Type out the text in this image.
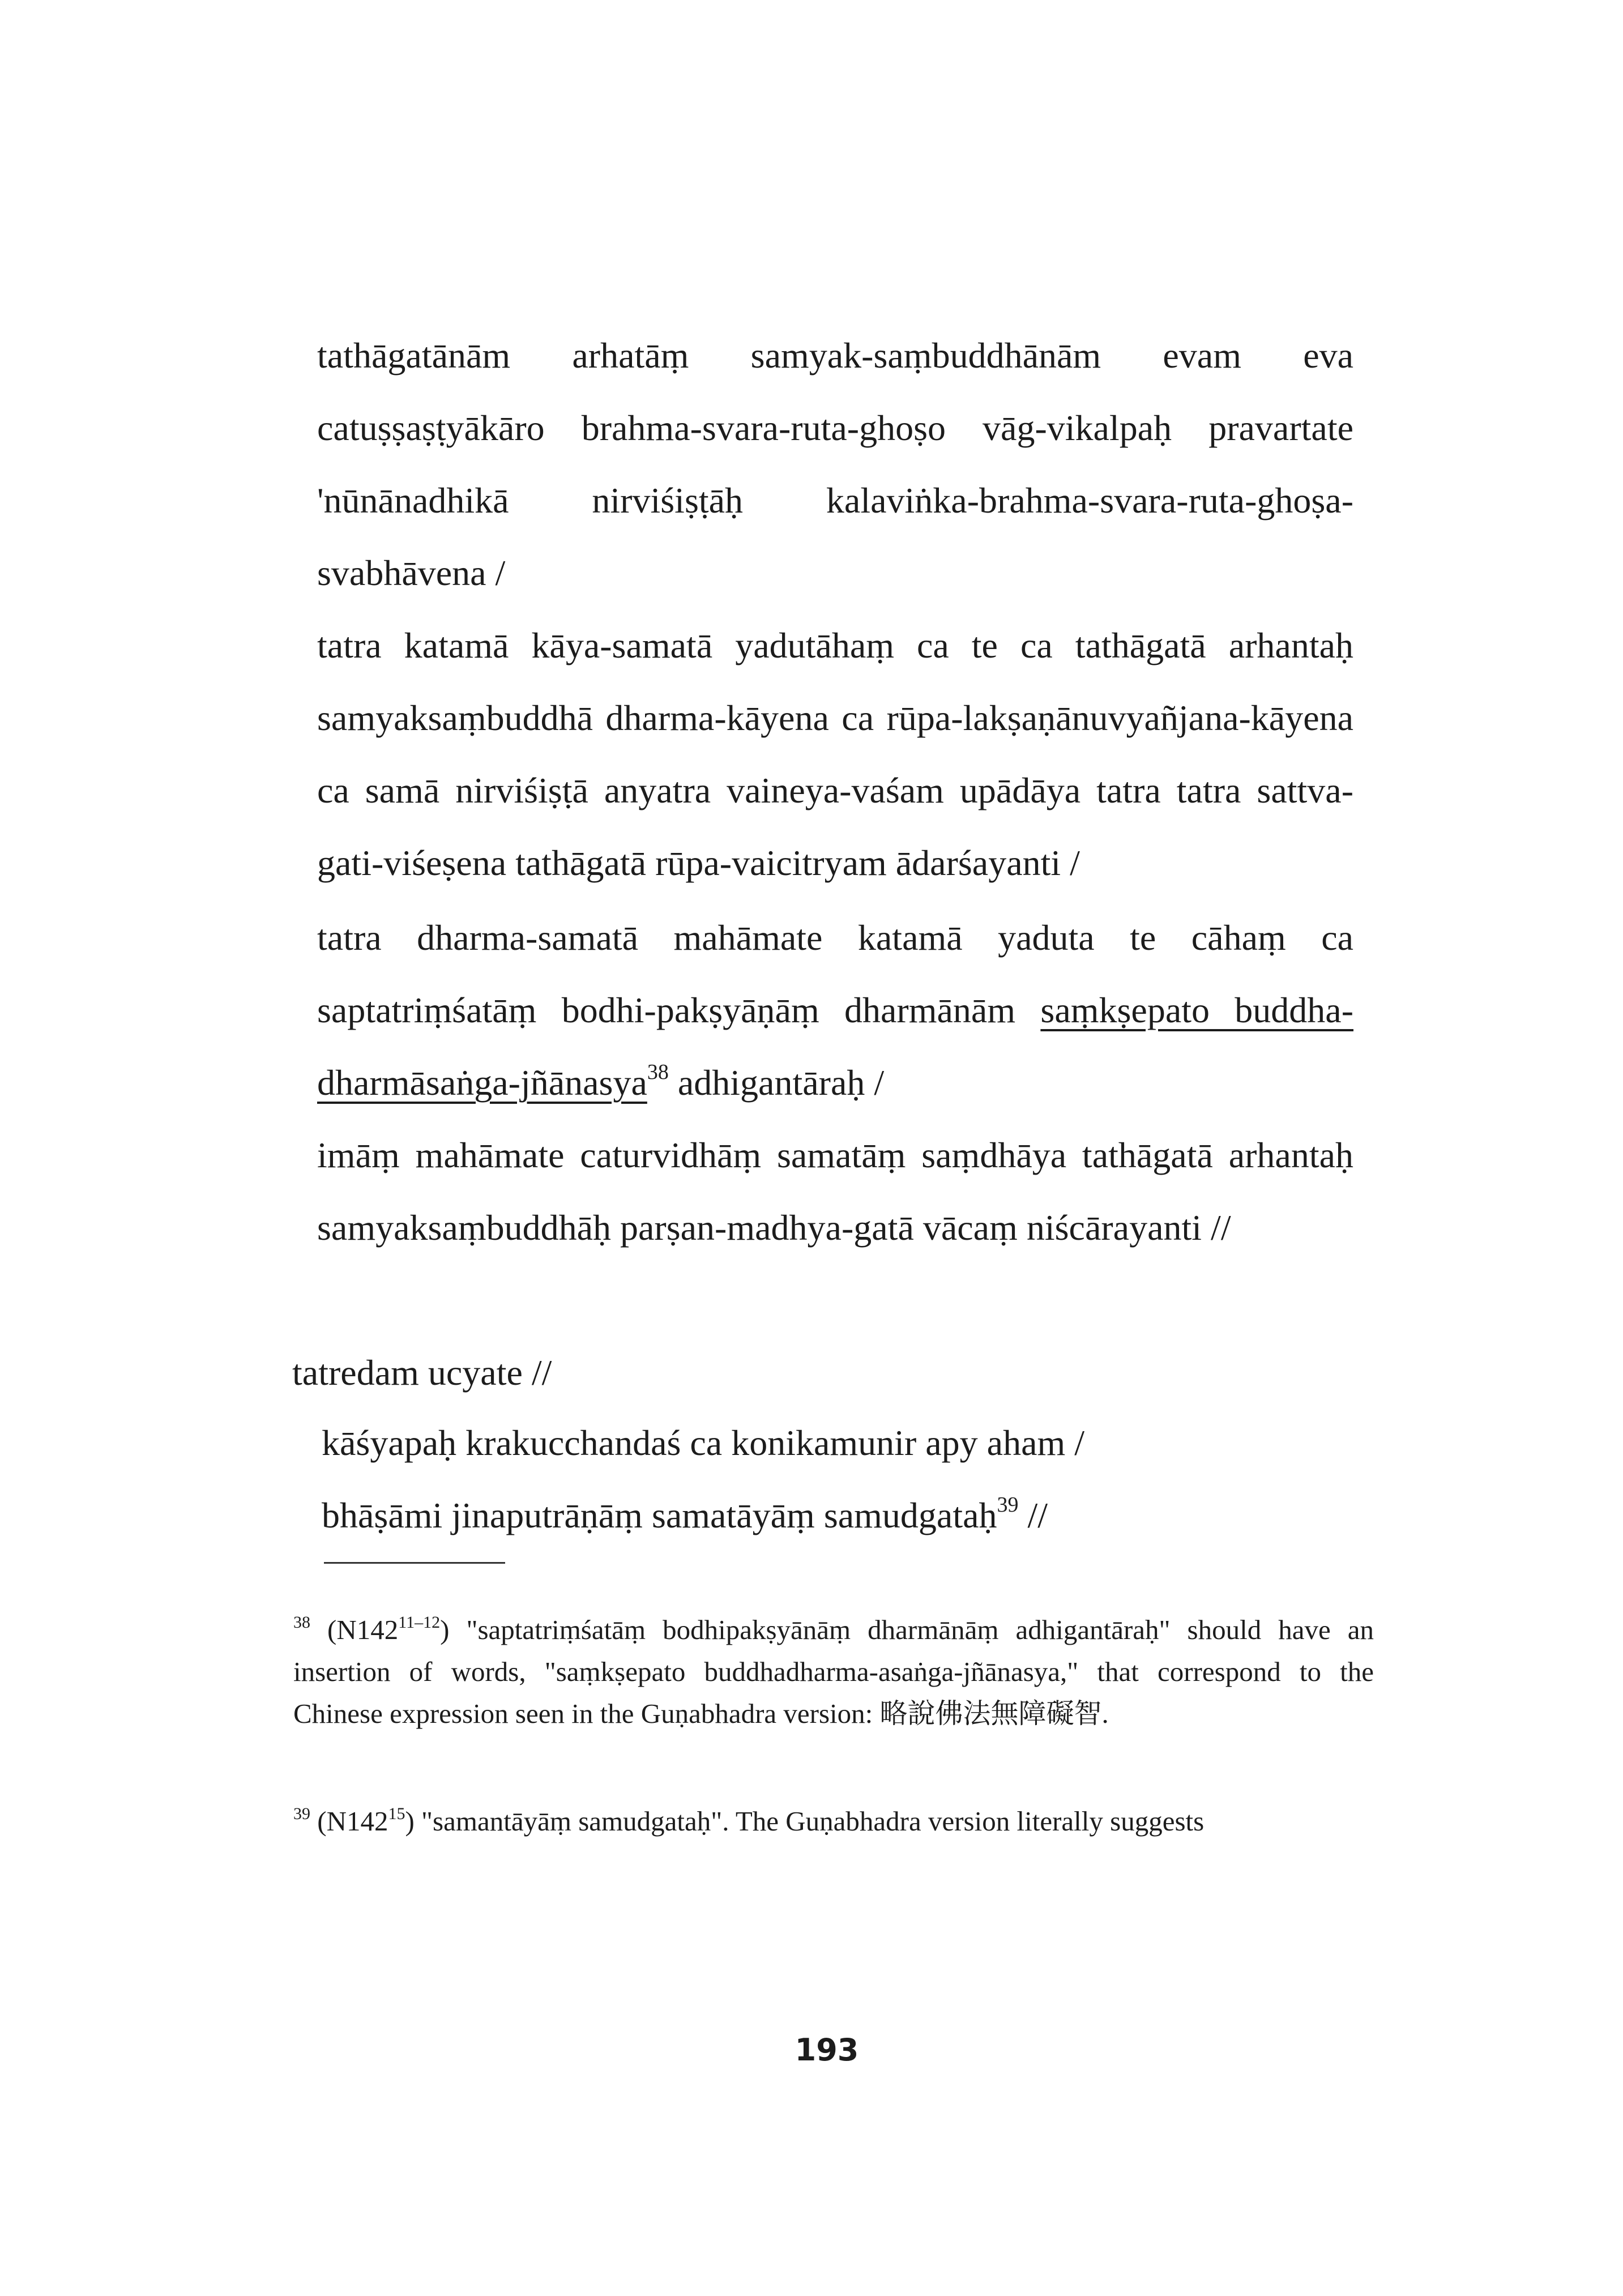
tathāgatānām arhatāṃ samyak-saṃbuddhānām evam eva catuṣṣaṣṭyākāro brahma-svara-ruta-ghoṣo vāg-vikalpaḥ pravartate 'nūnānadhikā nirviśiṣṭāḥ kalaviṅka-brahma-svara-ruta-ghoṣa-svabhāvena /

tatra katamā kāya-samatā yadutāhaṃ ca te ca tathāgatā arhantaḥ samyaksaṃbuddhā dharma-kāyena ca rūpa-lakṣaṇānuvyañjana-kāyena ca samā nirviśiṣṭā anyatra vaineya-vaśam upādāya tatra tatra sattva-gati-viśeṣena tathāgatā rūpa-vaicitryam ādarśayanti /

tatra dharma-samatā mahāmate katamā yaduta te cāhaṃ ca saptatriṃśatāṃ bodhi-pakṣyāṇāṃ dharmānām saṃkṣepato buddha-dharmāsaṅga-jñānasya$^{38}$ adhigantāraḥ /

imāṃ mahāmate caturvidhāṃ samatāṃ saṃdhāya tathāgatā arhantaḥ samyaksaṃbuddhāḥ parṣan-madhya-gatā vācaṃ niścārayanti //

tatredam ucyate //
kāśyapaḥ krakucchandaś ca konikamunir apy aham /
bhāṣāmi jinaputrāṇāṃ samatāyāṃ samudgataḥ$^{39}$ //

$^{38}$ (N142$^{11-12}$) "saptatriṃśatāṃ bodhipakṣyānāṃ dharmānāṃ adhigantāraḥ" should have an insertion of words, "saṃkṣepato buddhadharma-asaṅga-jñānasya," that correspond to the Chinese expression seen in the Guṇabhadra version: 略說佛法無障礙智.

$^{39}$ (N142$^{15}$) "samantāyāṃ samudgataḥ". The Guṇabhadra version literally suggests

193
